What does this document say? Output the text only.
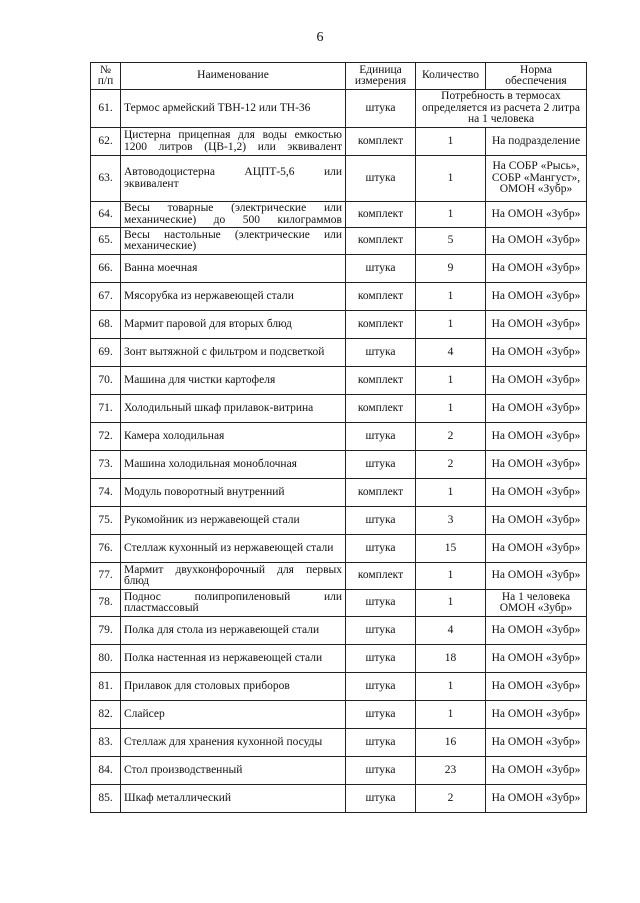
6
№ п/п	Наименование	Единица измерения	Количество	Норма обеспечения
61.	Термос армейский ТВН-12 или ТН-36	штука	Потребность в термосах определяется из расчета 2 литра на 1 человека	
62.	Цистерна прицепная для воды емкостью 1200 литров (ЦВ-1,2) или эквивалент	комплект	1	На подразделение
63.	Автоводоцистерна АЦПТ-5,6 или эквивалент	штука	1	На СОБР «Рысь», СОБР «Мангуст», ОМОН «Зубр»
64.	Весы товарные (электрические или механические) до 500 килограммов	комплект	1	На ОМОН «Зубр»
65.	Весы настольные (электрические или механические)	комплект	5	На ОМОН «Зубр»
66.	Ванна моечная	штука	9	На ОМОН «Зубр»
67.	Мясорубка из нержавеющей стали	комплект	1	На ОМОН «Зубр»
68.	Мармит паровой для вторых блюд	комплект	1	На ОМОН «Зубр»
69.	Зонт вытяжной с фильтром и подсветкой	штука	4	На ОМОН «Зубр»
70.	Машина для чистки картофеля	комплект	1	На ОМОН «Зубр»
71.	Холодильный шкаф прилавок-витрина	комплект	1	На ОМОН «Зубр»
72.	Камера холодильная	штука	2	На ОМОН «Зубр»
73.	Машина холодильная моноблочная	штука	2	На ОМОН «Зубр»
74.	Модуль поворотный внутренний	комплект	1	На ОМОН «Зубр»
75.	Рукомойник из нержавеющей стали	штука	3	На ОМОН «Зубр»
76.	Стеллаж кухонный из нержавеющей стали	штука	15	На ОМОН «Зубр»
77.	Мармит двухконфорочный для первых блюд	комплект	1	На ОМОН «Зубр»
78.	Поднос полипропиленовый или пластмассовый	штука	1	На 1 человека ОМОН «Зубр»
79.	Полка для стола из нержавеющей стали	штука	4	На ОМОН «Зубр»
80.	Полка настенная из нержавеющей стали	штука	18	На ОМОН «Зубр»
81.	Прилавок для столовых приборов	штука	1	На ОМОН «Зубр»
82.	Слайсер	штука	1	На ОМОН «Зубр»
83.	Стеллаж для хранения кухонной посуды	штука	16	На ОМОН «Зубр»
84.	Стол производственный	штука	23	На ОМОН «Зубр»
85.	Шкаф металлический	штука	2	На ОМОН «Зубр»
